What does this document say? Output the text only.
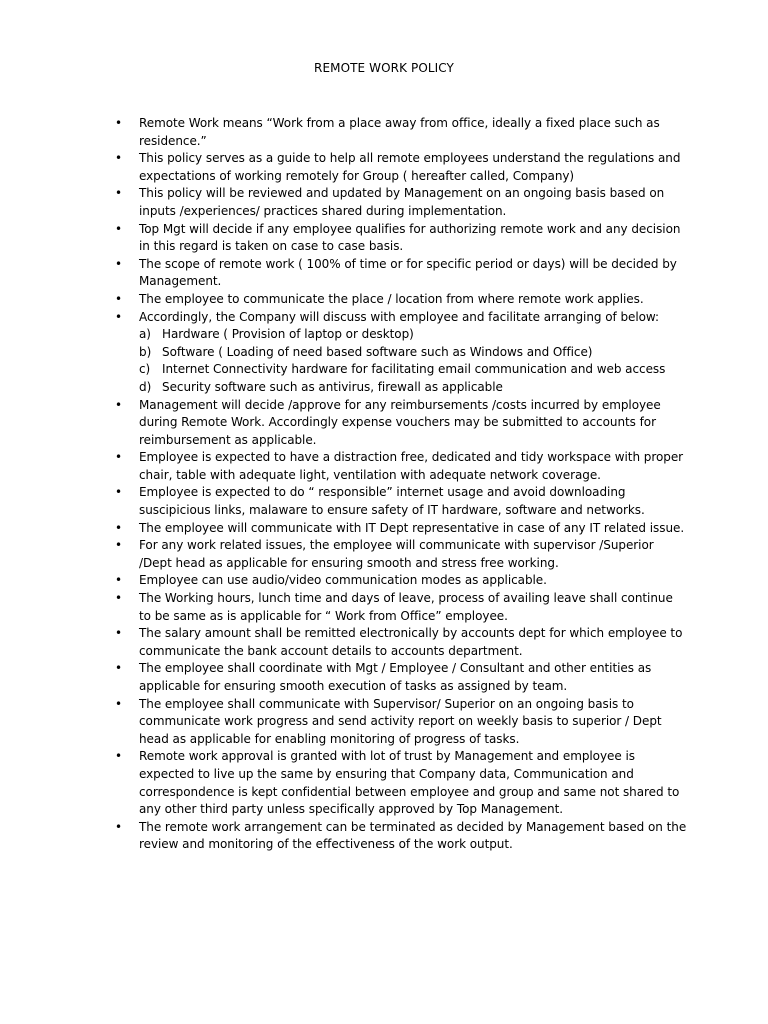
REMOTE WORK POLICY
• Remote Work means “Work from a place away from office, ideally a fixed place such as residence.”
• This policy serves as a guide to help all remote employees understand the regulations and expectations of working remotely for Group ( hereafter called, Company)
• This policy will be reviewed and updated by Management on an ongoing basis based on inputs /experiences/ practices shared during implementation.
• Top Mgt will decide if any employee qualifies for authorizing remote work and any decision in this regard is taken on case to case basis.
• The scope of remote work ( 100% of time or for specific period or days) will be decided by Management.
• The employee to communicate the place / location from where remote work applies.
• Accordingly, the Company will discuss with employee and facilitate arranging of below:
a) Hardware ( Provision of laptop or desktop)
b) Software ( Loading of need based software such as Windows and Office)
c) Internet Connectivity hardware for facilitating email communication and web access
d) Security software such as antivirus, firewall as applicable
• Management will decide /approve for any reimbursements /costs incurred by employee during Remote Work. Accordingly expense vouchers may be submitted to accounts for reimbursement as applicable.
• Employee is expected to have a distraction free, dedicated and tidy workspace with proper chair, table with adequate light, ventilation with adequate network coverage.
• Employee is expected to do “ responsible” internet usage and avoid downloading suscipicious links, malaware to ensure safety of IT hardware, software and networks.
• The employee will communicate with IT Dept representative in case of any IT related issue.
• For any work related issues, the employee will communicate with supervisor /Superior /Dept head as applicable for ensuring smooth and stress free working.
• Employee can use audio/video communication modes as applicable.
• The Working hours, lunch time and days of leave, process of availing leave shall continue to be same as is applicable for “ Work from Office” employee.
• The salary amount shall be remitted electronically by accounts dept for which employee to communicate the bank account details to accounts department.
• The employee shall coordinate with Mgt / Employee / Consultant and other entities as applicable for ensuring smooth execution of tasks as assigned by team.
• The employee shall communicate with Supervisor/ Superior on an ongoing basis to communicate work progress and send activity report on weekly basis to superior / Dept head as applicable for enabling monitoring of progress of tasks.
• Remote work approval is granted with lot of trust by Management and employee is expected to live up the same by ensuring that Company data, Communication and correspondence is kept confidential between employee and group and same not shared to any other third party unless specifically approved by Top Management.
• The remote work arrangement can be terminated as decided by Management based on the review and monitoring of the effectiveness of the work output.
